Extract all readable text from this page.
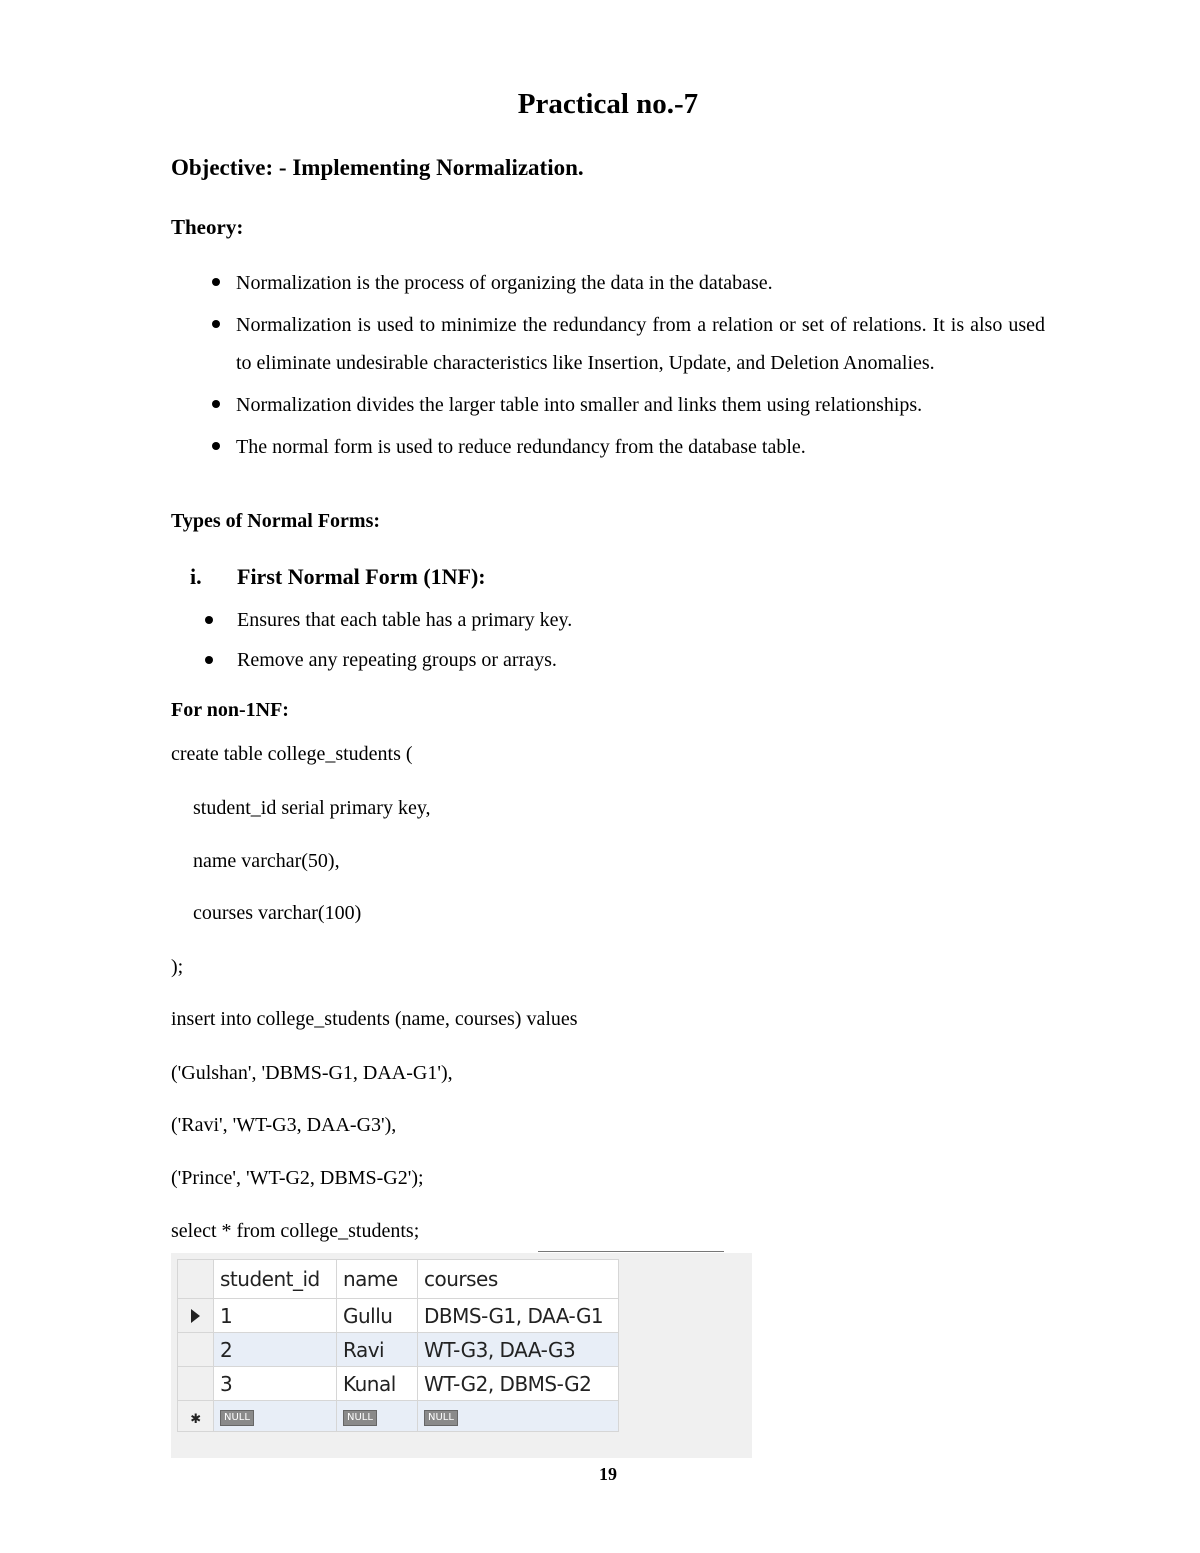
Practical no.-7

Objective: - Implementing Normalization.

Theory:

Normalization is the process of organizing the data in the database.
Normalization is used to minimize the redundancy from a relation or set of relations. It is also used to eliminate undesirable characteristics like Insertion, Update, and Deletion Anomalies.
Normalization divides the larger table into smaller and links them using relationships.
The normal form is used to reduce redundancy from the database table.

Types of Normal Forms:

i. First Normal Form (1NF):

Ensures that each table has a primary key.
Remove any repeating groups or arrays.

For non-1NF:

create table college_students (

student_id serial primary key,

name varchar(50),

courses varchar(100)

);

insert into college_students (name, courses) values

('Gulshan', 'DBMS-G1, DAA-G1'),

('Ravi', 'WT-G3, DAA-G3'),

('Prince', 'WT-G2, DBMS-G2');

select * from college_students;

	student_id	name	courses
	1	Gullu	DBMS-G1, DAA-G1
	2	Ravi	WT-G3, DAA-G3
	3	Kunal	WT-G2, DBMS-G2
✱	NULL	NULL	NULL

19
